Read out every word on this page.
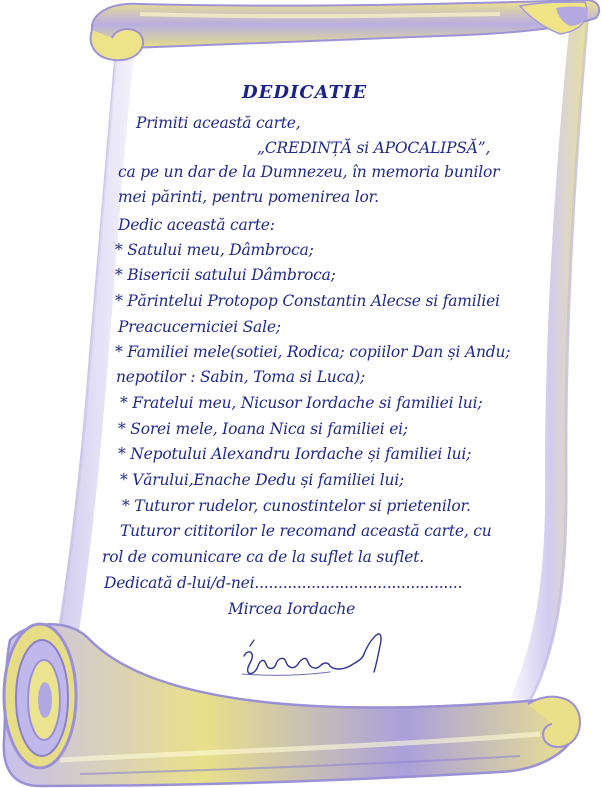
DEDICATIE
Primiti această carte,
„CREDINȚĂ si APOCALIPSĂ”,
ca pe un dar de la Dumnezeu, în memoria bunilor
mei părinti, pentru pomenirea lor.
Dedic această carte:
* Satului meu, Dâmbroca;
* Bisericii satului Dâmbroca;
* Părintelui Protopop Constantin Alecse si familiei
Preacucerniciei Sale;
* Familiei mele(sotiei, Rodica; copiilor Dan și Andu;
nepotilor : Sabin, Toma si Luca);
* Fratelui meu, Nicusor Iordache si familiei lui;
* Sorei mele, Ioana Nica si familiei ei;
* Nepotului Alexandru Iordache și familiei lui;
* Vărului,Enache Dedu și familiei lui;
* Tuturor rudelor, cunostintelor si prietenilor.
Tuturor cititorilor le recomand această carte, cu
rol de comunicare ca de la suflet la suflet.
Dedicată d-lui/d-nei............................................
Mircea Iordache
